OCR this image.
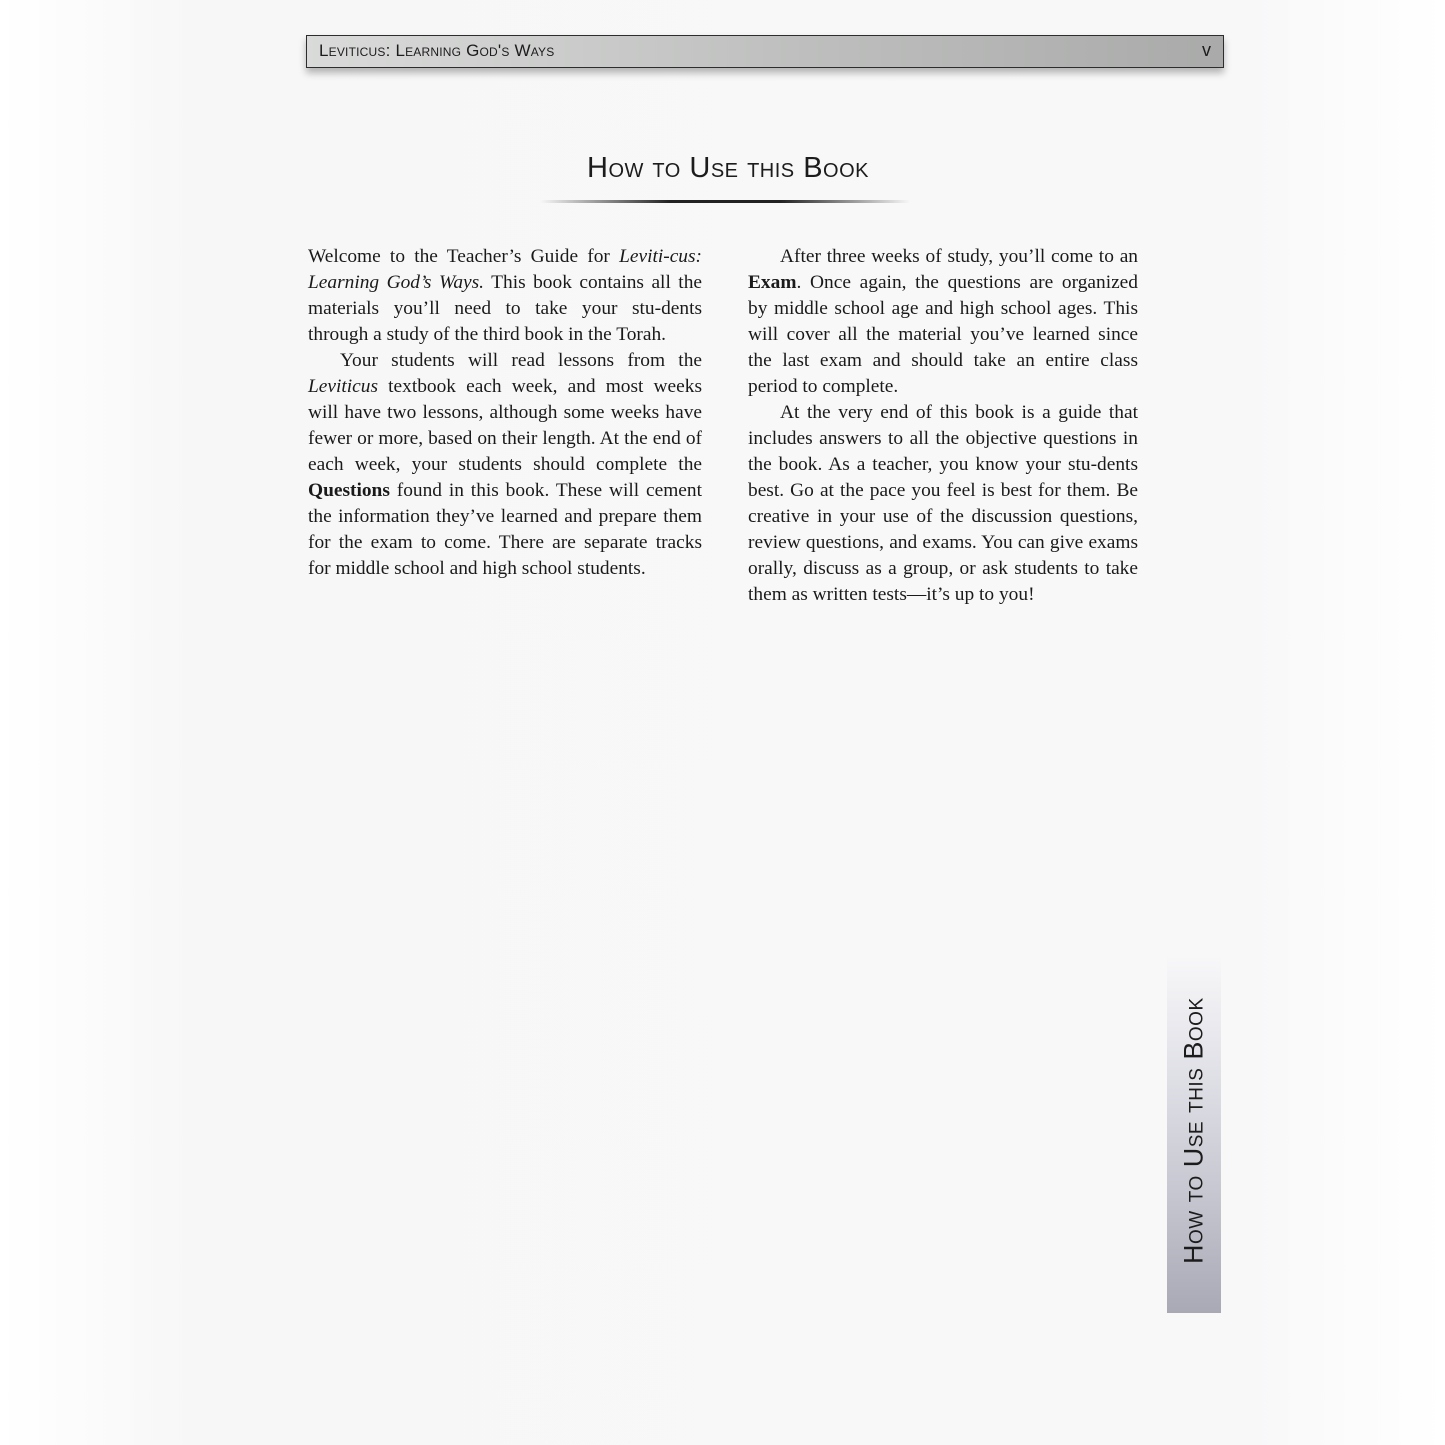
Leviticus: Learning God's Ways	v
How to Use this Book

Welcome to the Teacher’s Guide for Leviti-cus: Learning God’s Ways. This book contains all the materials you’ll need to take your stu-dents through a study of the third book in the Torah.

Your students will read lessons from the Leviticus textbook each week, and most weeks will have two lessons, although some weeks have fewer or more, based on their length. At the end of each week, your students should complete the Questions found in this book. These will cement the information they’ve learned and prepare them for the exam to come. There are separate tracks for middle school and high school students.

After three weeks of study, you’ll come to an Exam. Once again, the questions are organized by middle school age and high school ages. This will cover all the material you’ve learned since the last exam and should take an entire class period to complete.

At the very end of this book is a guide that includes answers to all the objective questions in the book. As a teacher, you know your stu-dents best. Go at the pace you feel is best for them. Be creative in your use of the discussion questions, review questions, and exams. You can give exams orally, discuss as a group, or ask students to take them as written tests—it’s up to you!

How to Use this Book
